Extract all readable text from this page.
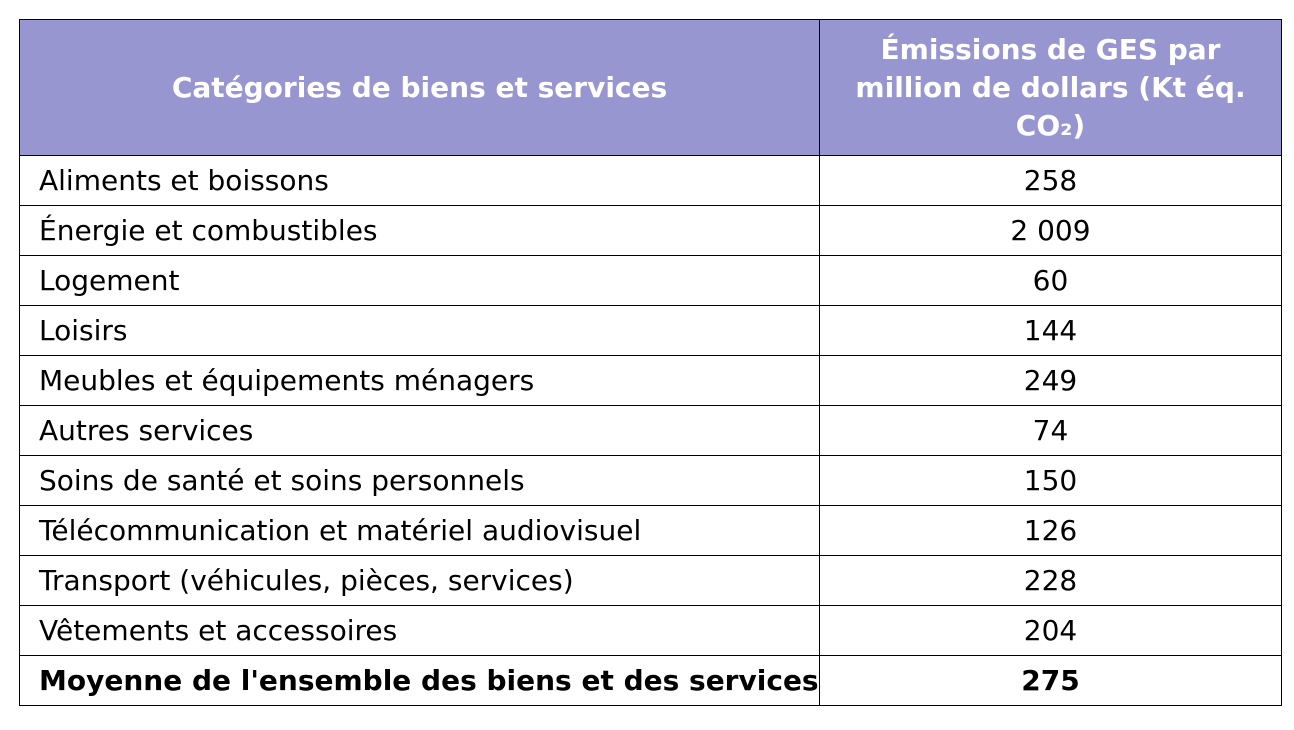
Catégories de biens et services	Émissions de GES par million de dollars (Kt éq. CO₂)
Aliments et boissons	258
Énergie et combustibles	2 009
Logement	60
Loisirs	144
Meubles et équipements ménagers	249
Autres services	74
Soins de santé et soins personnels	150
Télécommunication et matériel audiovisuel	126
Transport (véhicules, pièces, services)	228
Vêtements et accessoires	204
Moyenne de l'ensemble des biens et des services	275
